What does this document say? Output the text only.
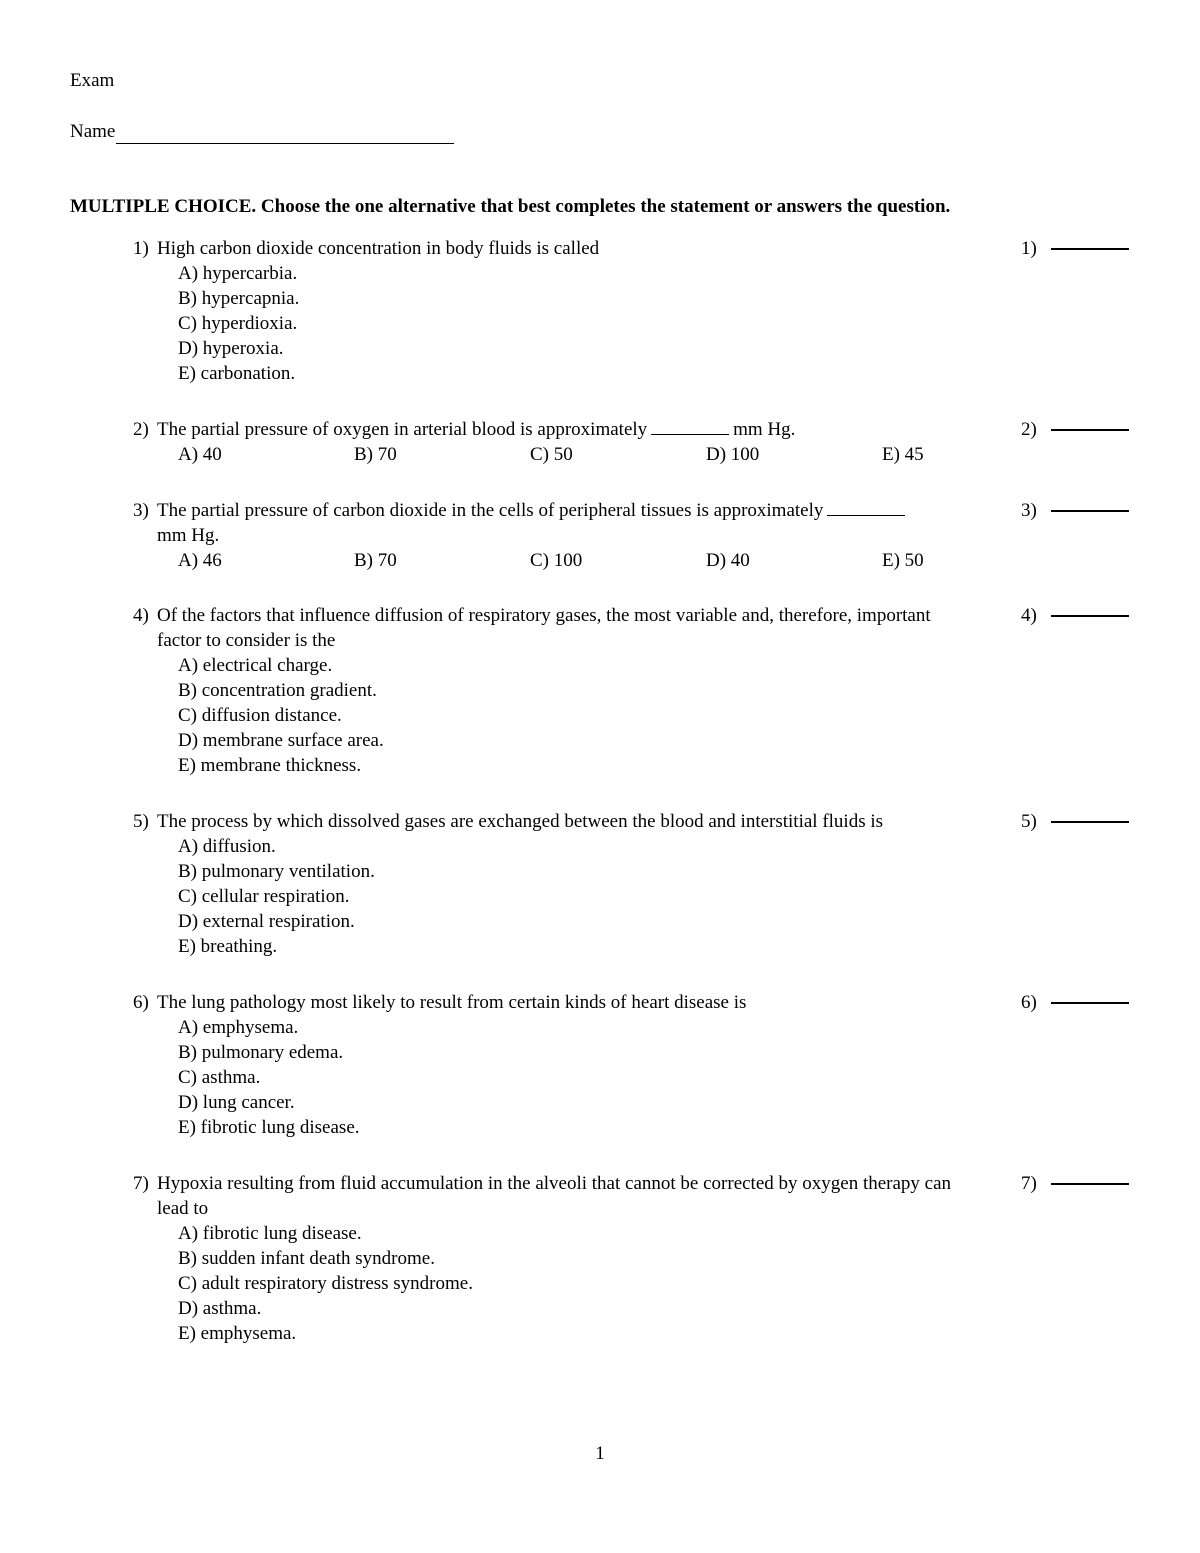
Exam
Name
MULTIPLE CHOICE. Choose the one alternative that best completes the statement or answers the question.
1) High carbon dioxide concentration in body fluids is called	1)
A) hypercarbia.
B) hypercapnia.
C) hyperdioxia.
D) hyperoxia.
E) carbonation.
2) The partial pressure of oxygen in arterial blood is approximately	mm Hg.	2)
A) 40	B) 70	C) 50	D) 100	E) 45
3) The partial pressure of carbon dioxide in the cells of peripheral tissues is approximately
mm Hg.
3)
A) 46	B) 70	C) 100	D) 40	E) 50
4) Of the factors that influence diffusion of respiratory gases, the most variable and, therefore, important factor to consider is the
4)
A) electrical charge.
B) concentration gradient.
C) diffusion distance.
D) membrane surface area.
E) membrane thickness.
5) The process by which dissolved gases are exchanged between the blood and interstitial fluids is	5)
A) diffusion.
B) pulmonary ventilation.
C) cellular respiration.
D) external respiration.
E) breathing.
6) The lung pathology most likely to result from certain kinds of heart disease is	6)
A) emphysema.
B) pulmonary edema.
C) asthma.
D) lung cancer.
E) fibrotic lung disease.
7) Hypoxia resulting from fluid accumulation in the alveoli that cannot be corrected by oxygen therapy can lead to
7)
A) fibrotic lung disease.
B) sudden infant death syndrome.
C) adult respiratory distress syndrome.
D) asthma.
E) emphysema.
1
